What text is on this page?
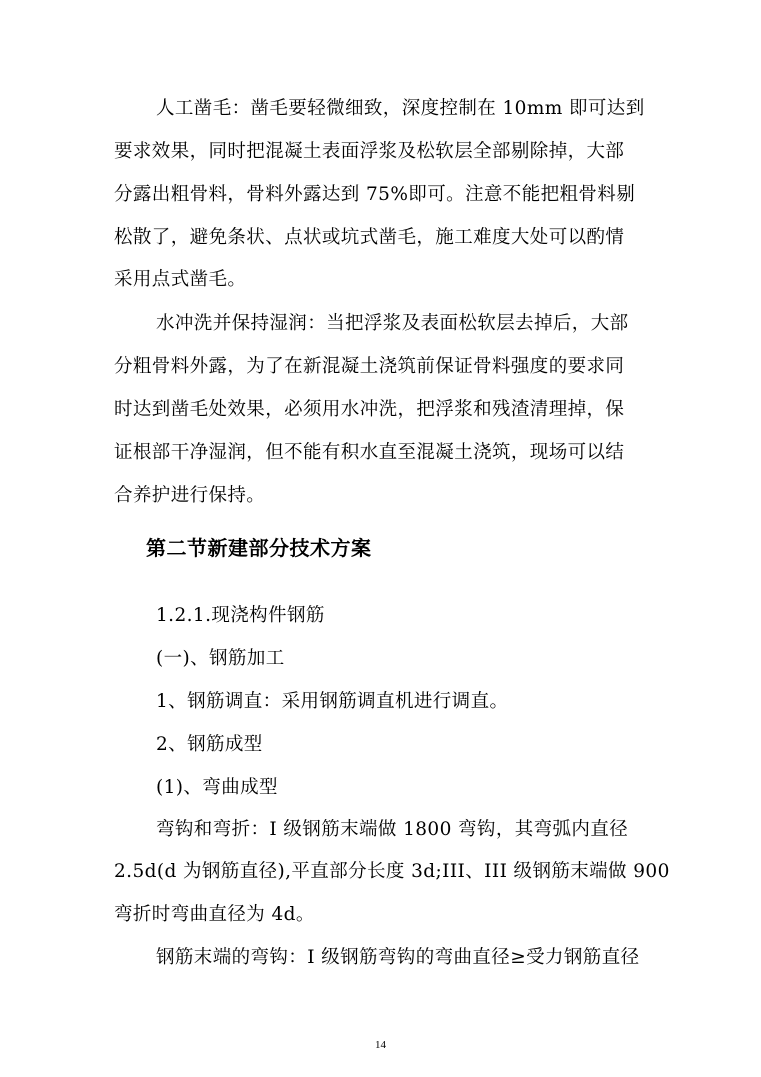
人工凿毛：凿毛要轻微细致，深度控制在 10mm 即可达到
要求效果，同时把混凝土表面浮浆及松软层全部剔除掉，大部
分露出粗骨料，骨料外露达到 75%即可。注意不能把粗骨料剔
松散了，避免条状、点状或坑式凿毛，施工难度大处可以酌情
采用点式凿毛。
水冲洗并保持湿润：当把浮浆及表面松软层去掉后，大部
分粗骨料外露，为了在新混凝土浇筑前保证骨料强度的要求同
时达到凿毛处效果，必须用水冲洗，把浮浆和残渣清理掉，保
证根部干净湿润，但不能有积水直至混凝土浇筑，现场可以结
合养护进行保持。
第二节新建部分技术方案
1.2.1.现浇构件钢筋
(一)、钢筋加工
1、钢筋调直：采用钢筋调直机进行调直。
2、钢筋成型
(1)、弯曲成型
弯钩和弯折：I 级钢筋末端做 1800 弯钩，其弯弧内直径
2.5d(d 为钢筋直径),平直部分长度 3d;III、III 级钢筋末端做 900
弯折时弯曲直径为 4d。
钢筋末端的弯钩：I 级钢筋弯钩的弯曲直径≥受力钢筋直径
14
